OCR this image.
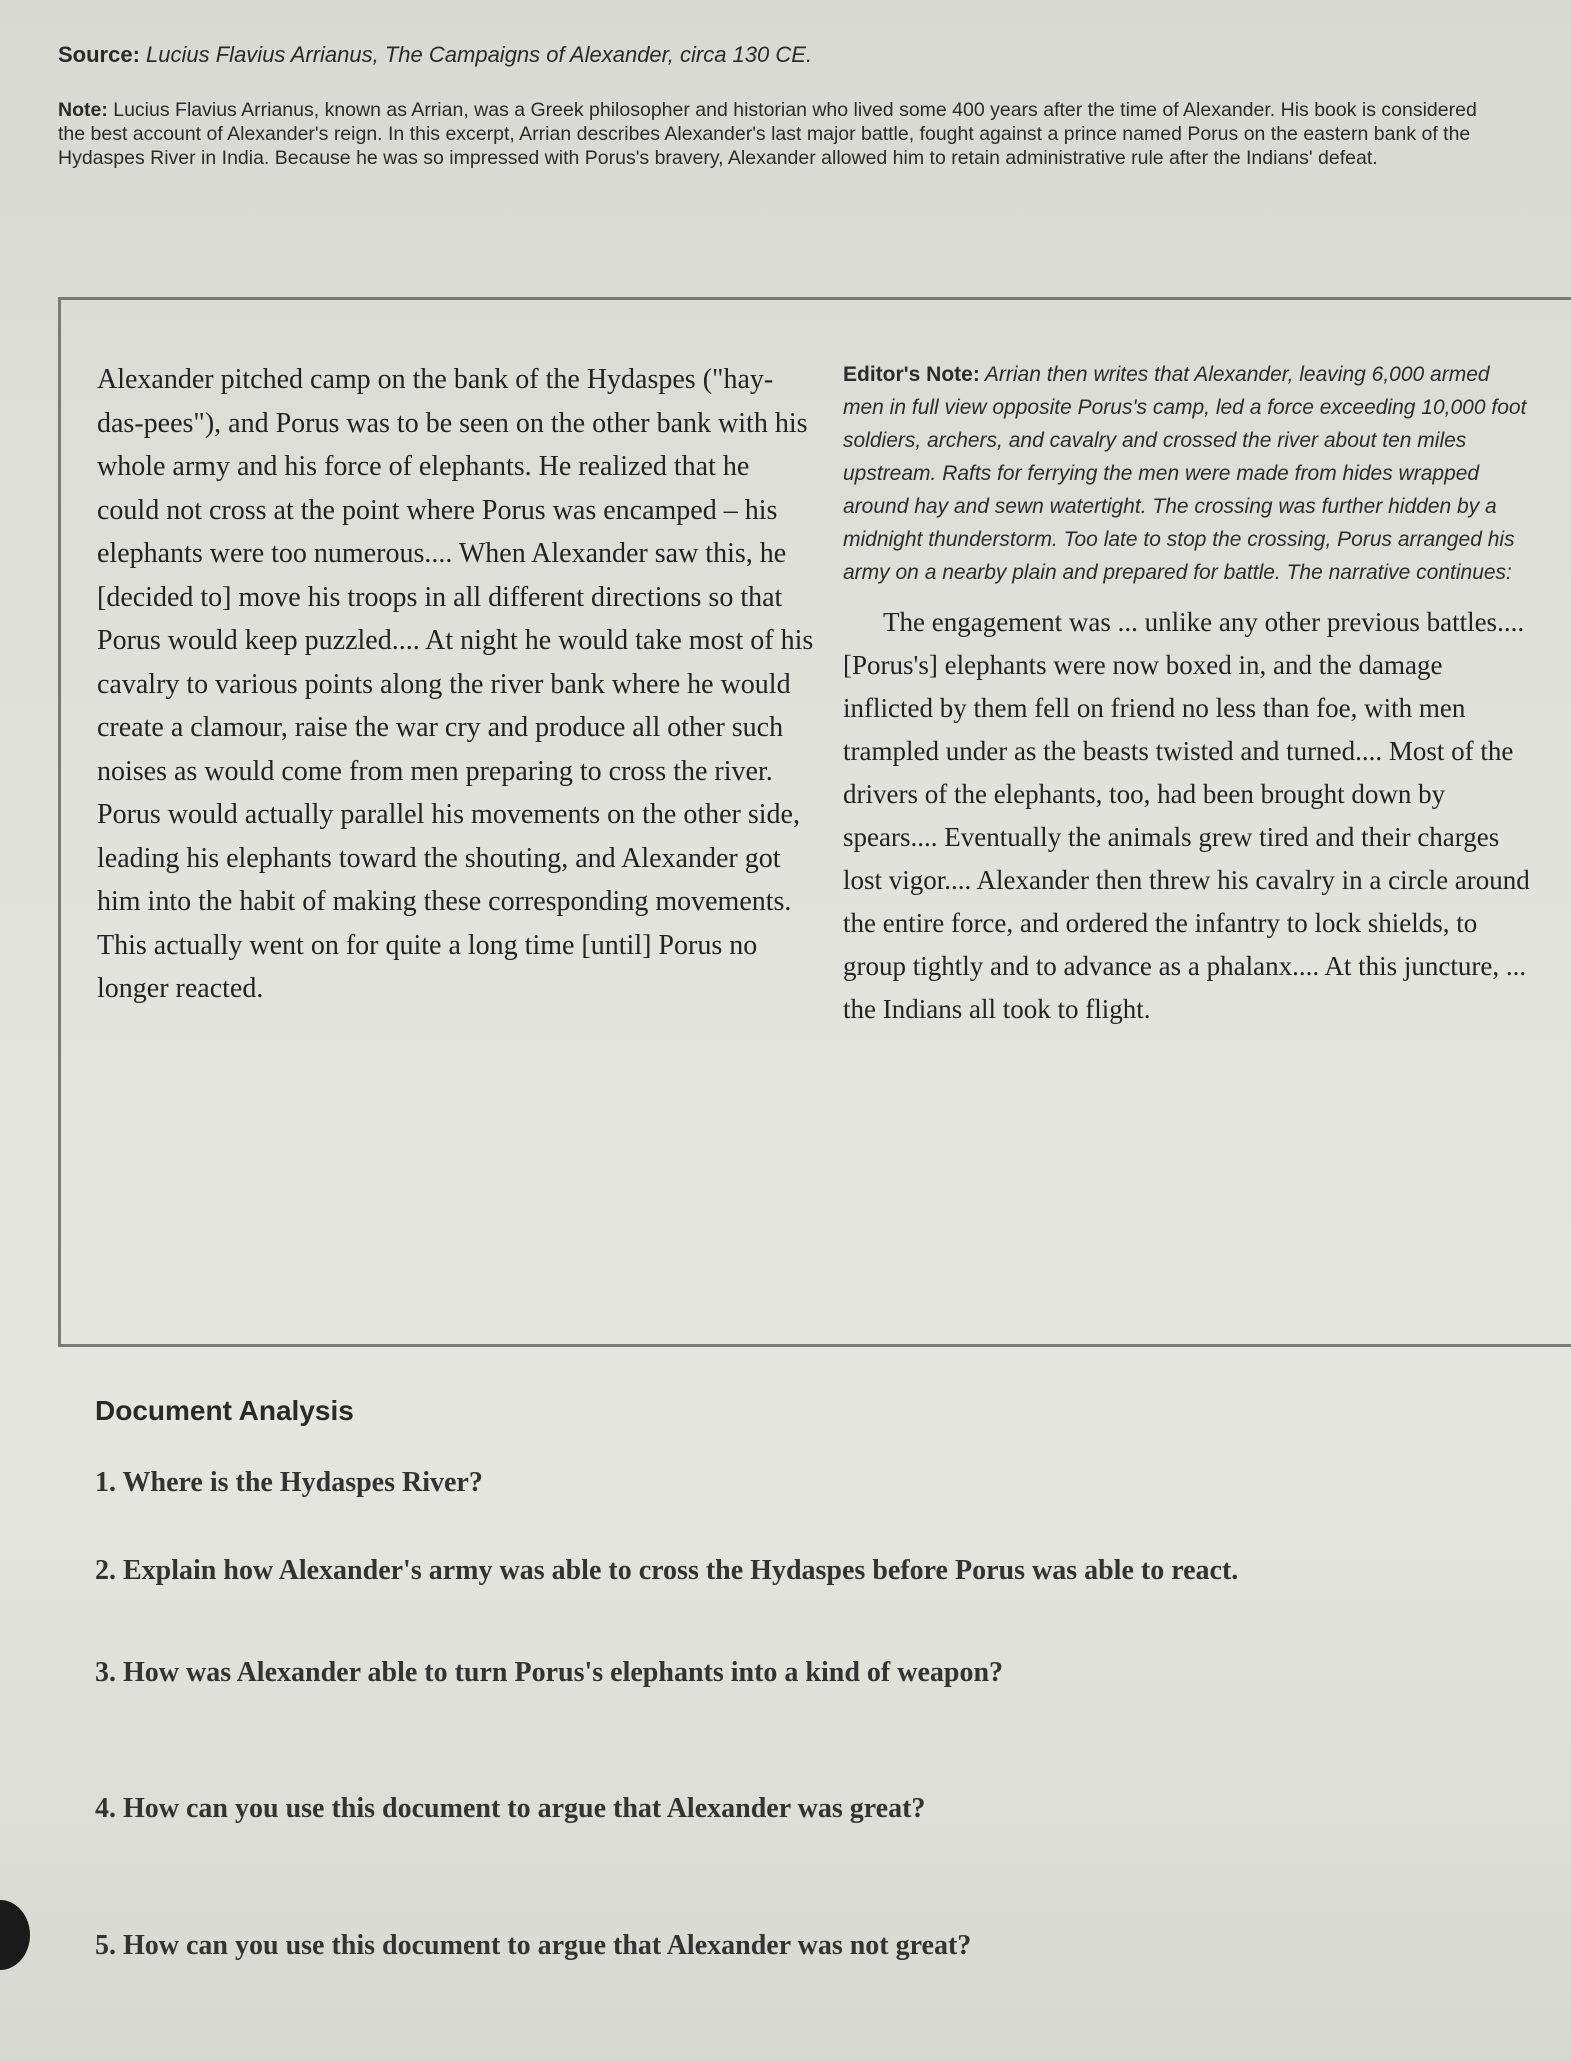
Source: Lucius Flavius Arrianus, The Campaigns of Alexander, circa 130 CE.

Note: Lucius Flavius Arrianus, known as Arrian, was a Greek philosopher and historian who lived some 400 years after the time of Alexander. His book is considered the best account of Alexander's reign. In this excerpt, Arrian describes Alexander's last major battle, fought against a prince named Porus on the eastern bank of the Hydaspes River in India. Because he was so impressed with Porus's bravery, Alexander allowed him to retain administrative rule after the Indians' defeat.

Alexander pitched camp on the bank of the Hydaspes ("hay-das-pees"), and Porus was to be seen on the other bank with his whole army and his force of elephants. He realized that he could not cross at the point where Porus was encamped – his elephants were too numerous.... When Alexander saw this, he [decided to] move his troops in all different directions so that Porus would keep puzzled.... At night he would take most of his cavalry to various points along the river bank where he would create a clamour, raise the war cry and produce all other such noises as would come from men preparing to cross the river. Porus would actually parallel his movements on the other side, leading his elephants toward the shouting, and Alexander got him into the habit of making these corresponding movements. This actually went on for quite a long time [until] Porus no longer reacted.

Editor's Note: Arrian then writes that Alexander, leaving 6,000 armed men in full view opposite Porus's camp, led a force exceeding 10,000 foot soldiers, archers, and cavalry and crossed the river about ten miles upstream. Rafts for ferrying the men were made from hides wrapped around hay and sewn watertight. The crossing was further hidden by a midnight thunderstorm. Too late to stop the crossing, Porus arranged his army on a nearby plain and prepared for battle. The narrative continues:

The engagement was ... unlike any other previous battles.... [Porus's] elephants were now boxed in, and the damage inflicted by them fell on friend no less than foe, with men trampled under as the beasts twisted and turned.... Most of the drivers of the elephants, too, had been brought down by spears.... Eventually the animals grew tired and their charges lost vigor.... Alexander then threw his cavalry in a circle around the entire force, and ordered the infantry to lock shields, to group tightly and to advance as a phalanx.... At this juncture, ... the Indians all took to flight.

Document Analysis

1. Where is the Hydaspes River?

2. Explain how Alexander's army was able to cross the Hydaspes before Porus was able to react.

3. How was Alexander able to turn Porus's elephants into a kind of weapon?

4. How can you use this document to argue that Alexander was great?

5. How can you use this document to argue that Alexander was not great?
